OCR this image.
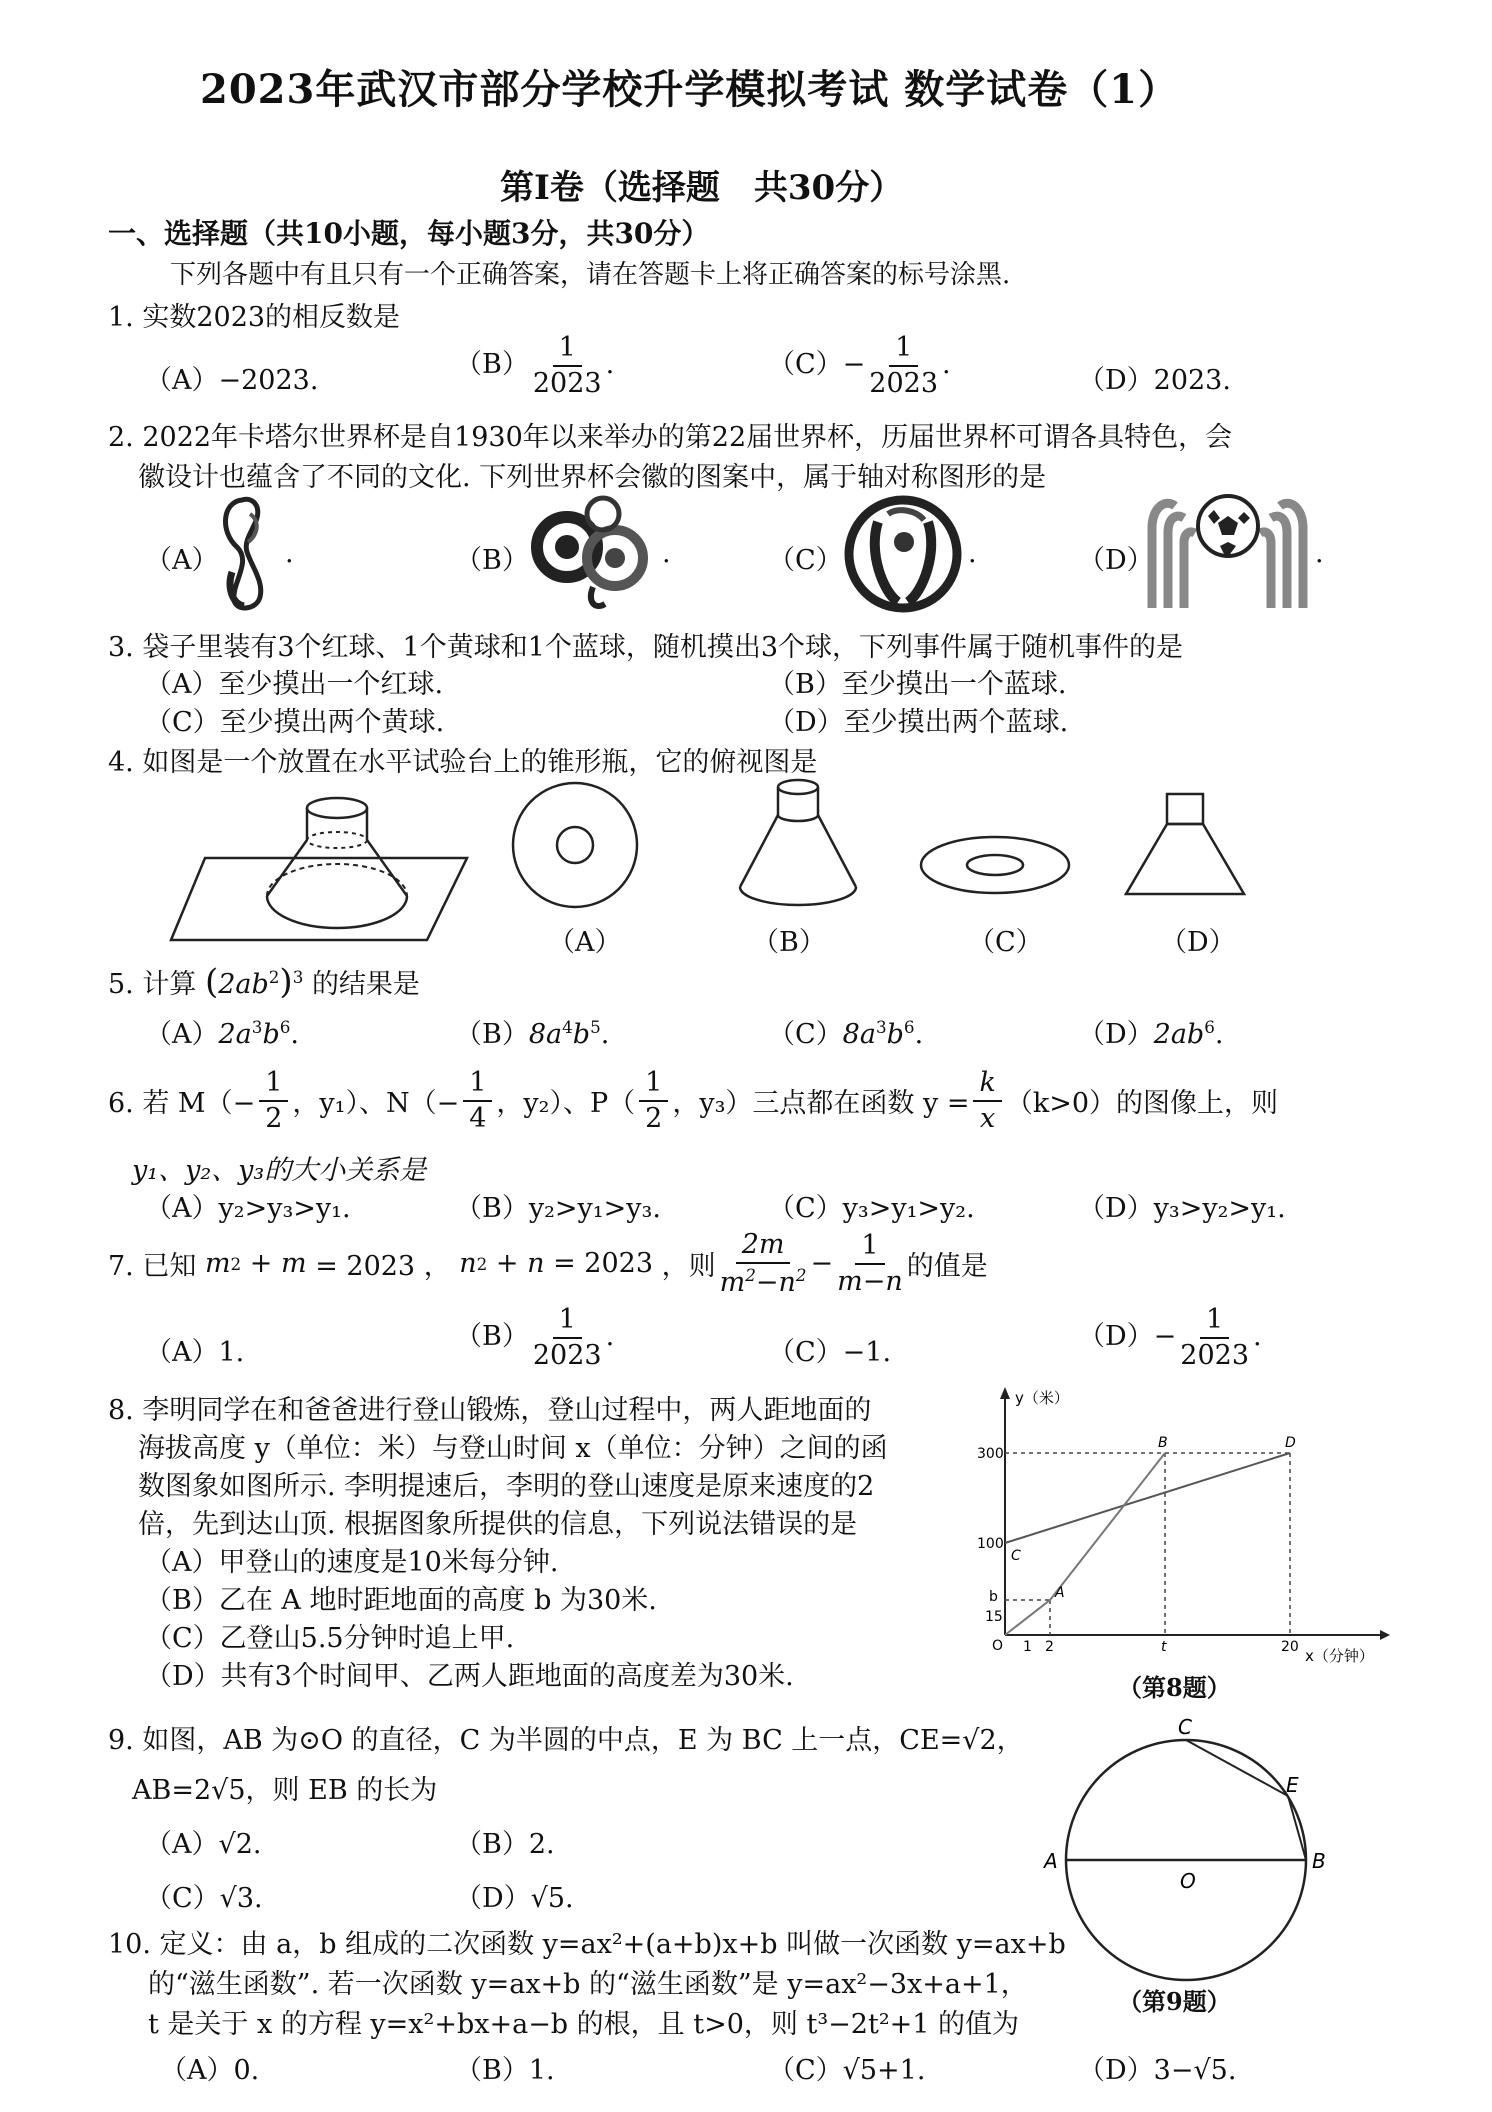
2023年武汉市部分学校升学模拟考试 数学试卷（1）
第Ⅰ卷（选择题　共30分）
一、选择题（共10小题，每小题3分，共30分）
下列各题中有且只有一个正确答案，请在答题卡上将正确答案的标号涂黑.
1. 实数2023的相反数是
（A）−2023.
$(B) \frac{1}{2023}$ .	$(C)- \frac{1}{2023}$ .
（D）2023.
2. 2022年卡塔尔世界杯是自1930年以来举办的第22届世界杯，历届世界杯可谓各具特色，会
徽设计也蕴含了不同的文化. 下列世界杯会徽的图案中，属于轴对称图形的是
（A） .	（B）	.	（C）	.	（D）	.
3. 袋子里装有3个红球、1个黄球和1个蓝球，随机摸出3个球，下列事件属于随机事件的是
（A）至少摸出一个红球.	（B）至少摸出一个蓝球.
（C）至少摸出两个黄球.	（D）至少摸出两个蓝球.
4. 如图是一个放置在水平试验台上的锥形瓶，它的俯视图是
（A）	（B）	（C）	（D）
5. 计算 $(2ab^2)^3$ 的结果是
$(A)2a^3b^6$.	$(B)8a^4b^5$.	$(C)8a^3b^6$.	$(D)2ab^6$.
6. 若 $M(- \frac{1}{2}$ ，y₁）、$N(- \frac{1}{4}$ ，y₂）、$P( \frac{1}{2}$ ，y₃）三点都在函数 $y = \frac{k}{x} (k>0)$的图像上，则
y₁、y₂、y₃的大小关系是
（A）y₂>y₃>y₁.	（B）y₂>y₁>y₃.	（C）y₃>y₁>y₂.	（D）y₃>y₂>y₁.
7. 已知
m 2 + m = 2023 ， n 2 + n = 2023 ，则 $\frac{2m}{m^2-n^2} - \frac{1}{m-n}$ 的值是
（A）1.
$(B) \frac{1}{2023}$ .
（C）−1.
$(D)- \frac{1}{2023}$ .
8. 李明同学在和爸爸进行登山锻炼，登山过程中，两人距地面的
海拔高度 y（单位：米）与登山时间 x（单位：分钟）之间的函
数图象如图所示. 李明提速后，李明的登山速度是原来速度的2
倍，先到达山顶. 根据图象所提供的信息，下列说法错误的是
（A）甲登山的速度是10米每分钟.
（B）乙在 A 地时距地面的高度 b 为30米.
（C）乙登山5.5分钟时追上甲.
（D）共有3个时间甲、乙两人距地面的高度差为30米.
y（米）
x（分钟）
300
100
b
15
O 1 2	t	20
B	D
C
A
（第8题）
9. 如图，AB 为⊙O 的直径，C 为半圆的中点，E 为 BC 上一点，CE=√2，
AB=2√5，则 EB 的长为
（A）√2.	（B）2.
（C）√3.	（D）√5.
A	B
C
E
O
（第9题）
10. 定义：由 a，b 组成的二次函数 y=ax²+(a+b)x+b 叫做一次函数 y=ax+b
的“滋生函数”. 若一次函数 y=ax+b 的“滋生函数”是 y=ax²−3x+a+1，
t 是关于 x 的方程 y=x²+bx+a−b 的根，且 t>0，则 t³−2t²+1 的值为
（A）0.	（B）1.	（C）√5+1.	（D）3−√5.
